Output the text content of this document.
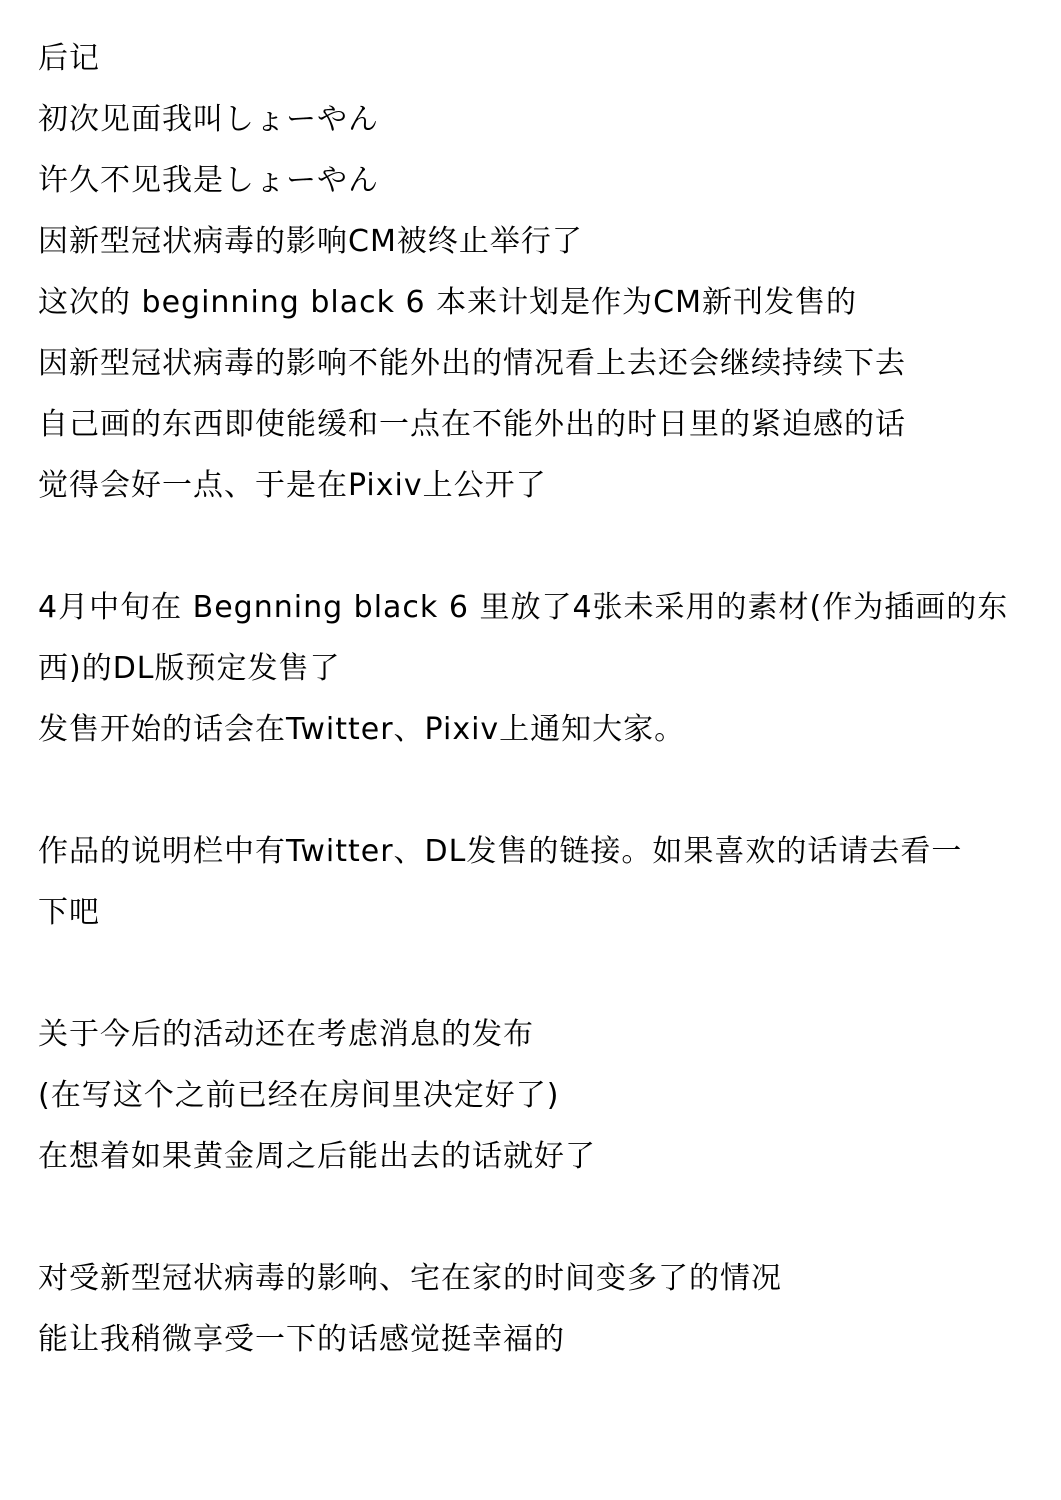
后记
初次见面我叫しょーやん
许久不见我是しょーやん
因新型冠状病毒的影响CM被终止举行了
这次的 beginning black 6 本来计划是作为CM新刊发售的
因新型冠状病毒的影响不能外出的情况看上去还会继续持续下去
自己画的东西即使能缓和一点在不能外出的时日里的紧迫感的话
觉得会好一点、于是在Pixiv上公开了
4月中旬在 Begnning black 6 里放了4张未采用的素材(作为插画的东
西)的DL版预定发售了
发售开始的话会在Twitter、Pixiv上通知大家。
作品的说明栏中有Twitter、DL发售的链接。如果喜欢的话请去看一
下吧
关于今后的活动还在考虑消息的发布
(在写这个之前已经在房间里决定好了)
在想着如果黄金周之后能出去的话就好了
对受新型冠状病毒的影响、宅在家的时间变多了的情况
能让我稍微享受一下的话感觉挺幸福的
